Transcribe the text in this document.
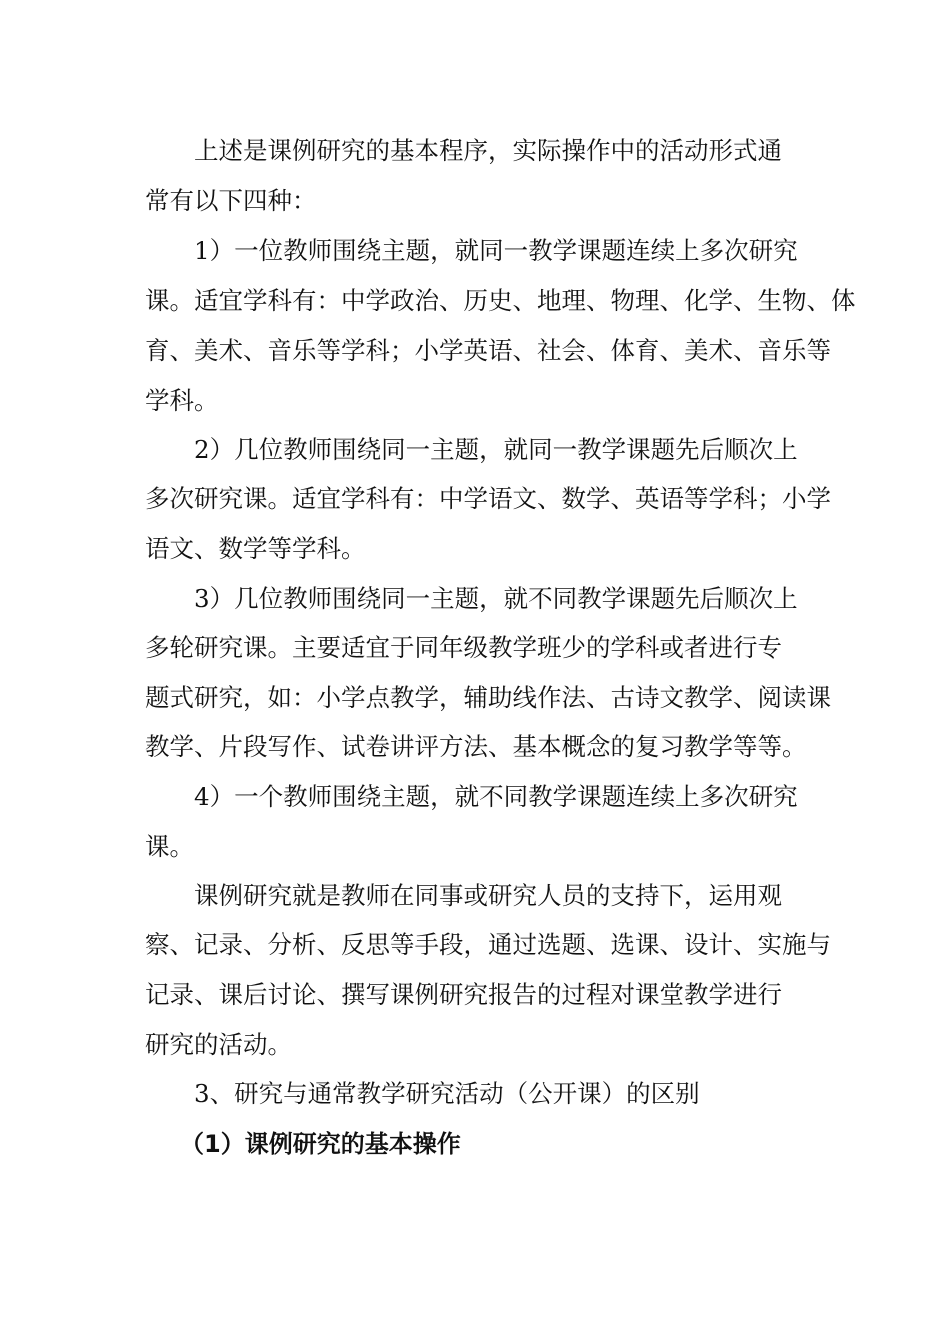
上述是课例研究的基本程序，实际操作中的活动形式通
常有以下四种：
1）一位教师围绕主题，就同一教学课题连续上多次研究
课。适宜学科有：中学政治、历史、地理、物理、化学、生物、体
育、美术、音乐等学科；小学英语、社会、体育、美术、音乐等
学科。
2）几位教师围绕同一主题，就同一教学课题先后顺次上
多次研究课。适宜学科有：中学语文、数学、英语等学科；小学
语文、数学等学科。
3）几位教师围绕同一主题，就不同教学课题先后顺次上
多轮研究课。主要适宜于同年级教学班少的学科或者进行专
题式研究，如：小学点教学，辅助线作法、古诗文教学、阅读课
教学、片段写作、试卷讲评方法、基本概念的复习教学等等。
4）一个教师围绕主题，就不同教学课题连续上多次研究
课。
课例研究就是教师在同事或研究人员的支持下，运用观
察、记录、分析、反思等手段，通过选题、选课、设计、实施与
记录、课后讨论、撰写课例研究报告的过程对课堂教学进行
研究的活动。
3、研究与通常教学研究活动（公开课）的区别
（1）课例研究的基本操作
